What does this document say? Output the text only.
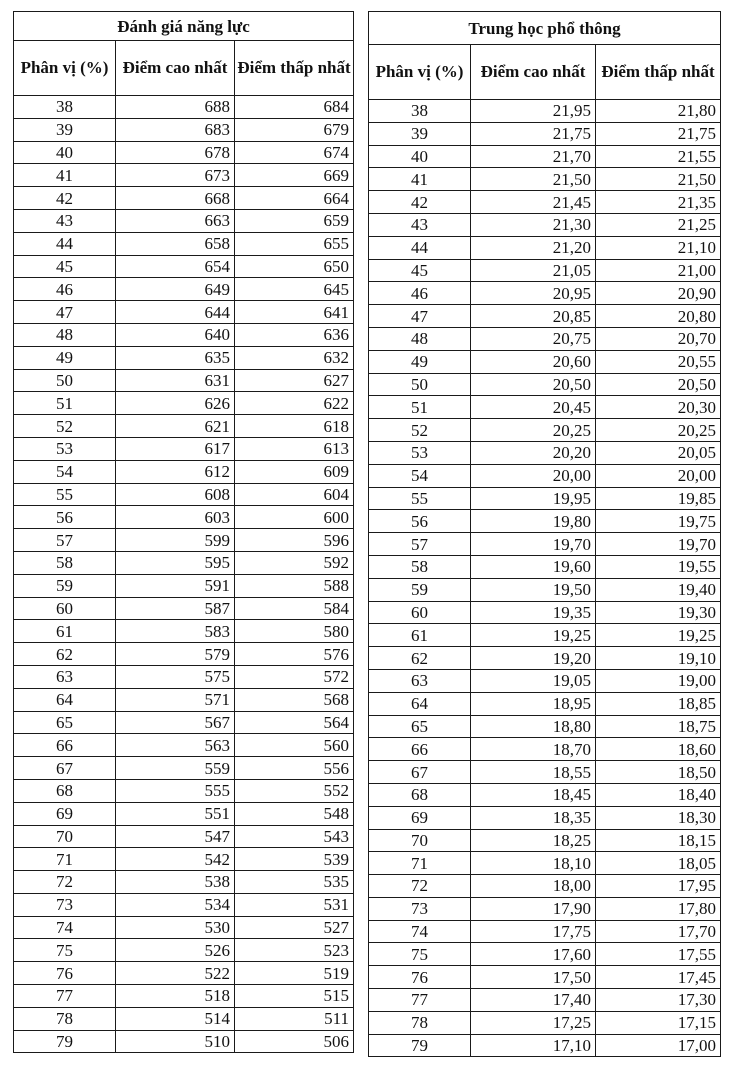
Đánh giá năng lực		
Phân vị (%)	Điểm cao nhất	Điểm thấp nhất
38	688	684
39	683	679
40	678	674
41	673	669
42	668	664
43	663	659
44	658	655
45	654	650
46	649	645
47	644	641
48	640	636
49	635	632
50	631	627
51	626	622
52	621	618
53	617	613
54	612	609
55	608	604
56	603	600
57	599	596
58	595	592
59	591	588
60	587	584
61	583	580
62	579	576
63	575	572
64	571	568
65	567	564
66	563	560
67	559	556
68	555	552
69	551	548
70	547	543
71	542	539
72	538	535
73	534	531
74	530	527
75	526	523
76	522	519
77	518	515
78	514	511
79	510	506
Trung học phổ thông		
Phân vị (%)	Điểm cao nhất	Điểm thấp nhất
38	21,95	21,80
39	21,75	21,75
40	21,70	21,55
41	21,50	21,50
42	21,45	21,35
43	21,30	21,25
44	21,20	21,10
45	21,05	21,00
46	20,95	20,90
47	20,85	20,80
48	20,75	20,70
49	20,60	20,55
50	20,50	20,50
51	20,45	20,30
52	20,25	20,25
53	20,20	20,05
54	20,00	20,00
55	19,95	19,85
56	19,80	19,75
57	19,70	19,70
58	19,60	19,55
59	19,50	19,40
60	19,35	19,30
61	19,25	19,25
62	19,20	19,10
63	19,05	19,00
64	18,95	18,85
65	18,80	18,75
66	18,70	18,60
67	18,55	18,50
68	18,45	18,40
69	18,35	18,30
70	18,25	18,15
71	18,10	18,05
72	18,00	17,95
73	17,90	17,80
74	17,75	17,70
75	17,60	17,55
76	17,50	17,45
77	17,40	17,30
78	17,25	17,15
79	17,10	17,00
